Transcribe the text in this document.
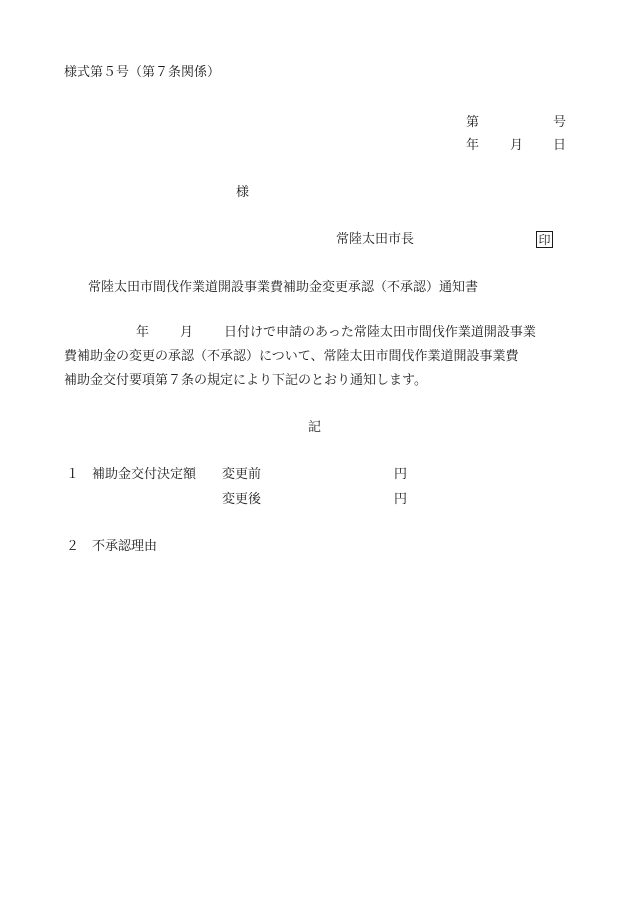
様式第５号（第７条関係）
第	号
年 月 日
様
常陸太田市長	印
常陸太田市間伐作業道開設事業費補助金変更承認（不承認）通知書
年 月 日付けで申請のあった常陸太田市間伐作業道開設事業
費補助金の変更の承認（不承認）について、常陸太田市間伐作業道開設事業費
補助金交付要項第７条の規定により下記のとおり通知します。
記
１ 補助金交付決定額 変更前	円
変更後	円
２ 不承認理由
